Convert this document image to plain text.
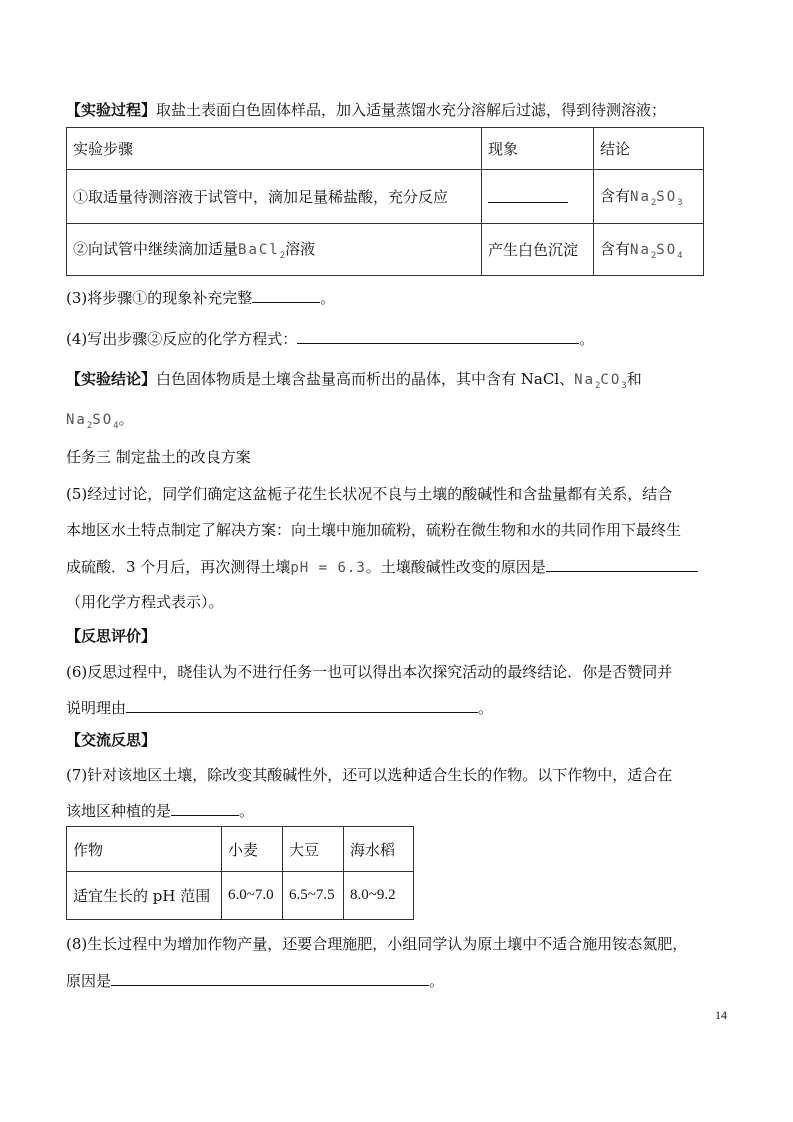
【实验过程】取盐土表面白色固体样品，加入适量蒸馏水充分溶解后过滤，得到待测溶液；
实验步骤	现象	结论
①取适量待测溶液于试管中，滴加足量稀盐酸，充分反应		含有$Na_2SO_3$
②向试管中继续滴加适量BaCl$_2$溶液	产生白色沉淀	含有$Na_2SO_4$
(3)将步骤①的现象补充完整	。
(4)写出步骤②反应的化学方程式：	。
【实验结论】白色固体物质是土壤含盐量高而析出的晶体，其中含有 NaCl、$Na_2CO_3$和
$Na_2SO_4$。
任务三 制定盐土的改良方案
(5)经过讨论，同学们确定这盆栀子花生长状况不良与土壤的酸碱性和含盐量都有关系，结合
本地区水土特点制定了解决方案：向土壤中施加硫粉，硫粉在微生物和水的共同作用下最终生
成硫酸．3 个月后，再次测得土壤pH = 6.3。土壤酸碱性改变的原因是
（用化学方程式表示）。
【反思评价】
(6)反思过程中，晓佳认为不进行任务一也可以得出本次探究活动的最终结论．你是否赞同并
说明理由	。
【交流反思】
(7)针对该地区土壤，除改变其酸碱性外，还可以选种适合生长的作物。以下作物中，适合在
该地区种植的是	。
作物	小麦	大豆	海水稻
适宜生长的 pH 范围	6.0~7.0	6.5~7.5	8.0~9.2
(8)生长过程中为增加作物产量，还要合理施肥，小组同学认为原土壤中不适合施用铵态氮肥，
原因是	。
14
